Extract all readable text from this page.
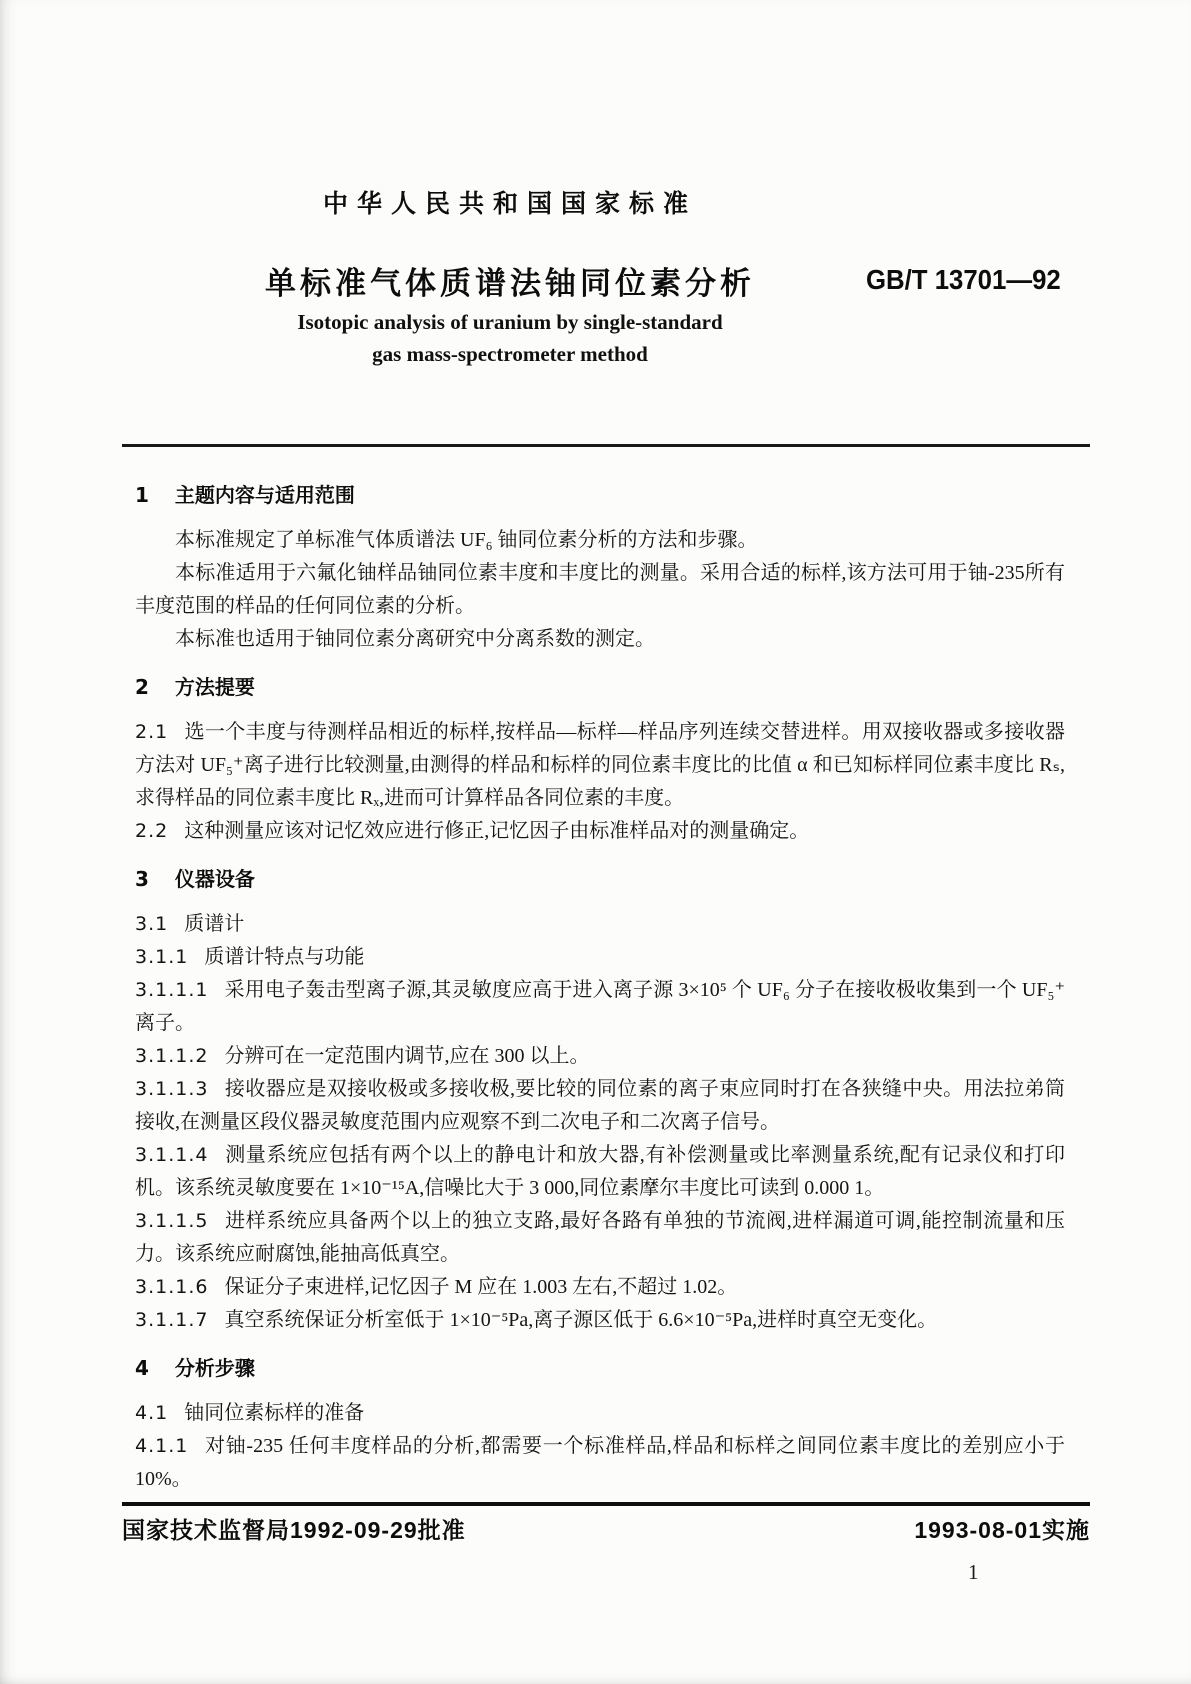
中华人民共和国国家标准
单标准气体质谱法铀同位素分析	GB/T 13701—92
Isotopic analysis of uranium by single-standard
gas mass-spectrometer method
1 主题内容与适用范围
本标准规定了单标准气体质谱法 UF₆ 铀同位素分析的方法和步骤。
本标准适用于六氟化铀样品铀同位素丰度和丰度比的测量。采用合适的标样,该方法可用于铀-235所有丰度范围的样品的任何同位素的分析。
本标准也适用于铀同位素分离研究中分离系数的测定。
2 方法提要
2.1 选一个丰度与待测样品相近的标样,按样品—标样—样品序列连续交替进样。用双接收器或多接收器方法对 UF₅⁺离子进行比较测量,由测得的样品和标样的同位素丰度比的比值 α 和已知标样同位素丰度比 Rₛ,求得样品的同位素丰度比 Rₓ,进而可计算样品各同位素的丰度。
2.2 这种测量应该对记忆效应进行修正,记忆因子由标准样品对的测量确定。
3 仪器设备
3.1 质谱计
3.1.1 质谱计特点与功能
3.1.1.1 采用电子轰击型离子源,其灵敏度应高于进入离子源 3×10⁵ 个 UF₆ 分子在接收极收集到一个 UF₅⁺离子。
3.1.1.2 分辨可在一定范围内调节,应在 300 以上。
3.1.1.3 接收器应是双接收极或多接收极,要比较的同位素的离子束应同时打在各狭缝中央。用法拉弟筒接收,在测量区段仪器灵敏度范围内应观察不到二次电子和二次离子信号。
3.1.1.4 测量系统应包括有两个以上的静电计和放大器,有补偿测量或比率测量系统,配有记录仪和打印机。该系统灵敏度要在 1×10⁻¹⁵A,信噪比大于 3 000,同位素摩尔丰度比可读到 0.000 1。
3.1.1.5 进样系统应具备两个以上的独立支路,最好各路有单独的节流阀,进样漏道可调,能控制流量和压力。该系统应耐腐蚀,能抽高低真空。
3.1.1.6 保证分子束进样,记忆因子 M 应在 1.003 左右,不超过 1.02。
3.1.1.7 真空系统保证分析室低于 1×10⁻⁵Pa,离子源区低于 6.6×10⁻⁵Pa,进样时真空无变化。
4 分析步骤
4.1 铀同位素标样的准备
4.1.1 对铀-235 任何丰度样品的分析,都需要一个标准样品,样品和标样之间同位素丰度比的差别应小于 10%。
国家技术监督局1992-09-29批准	1993-08-01实施
1
